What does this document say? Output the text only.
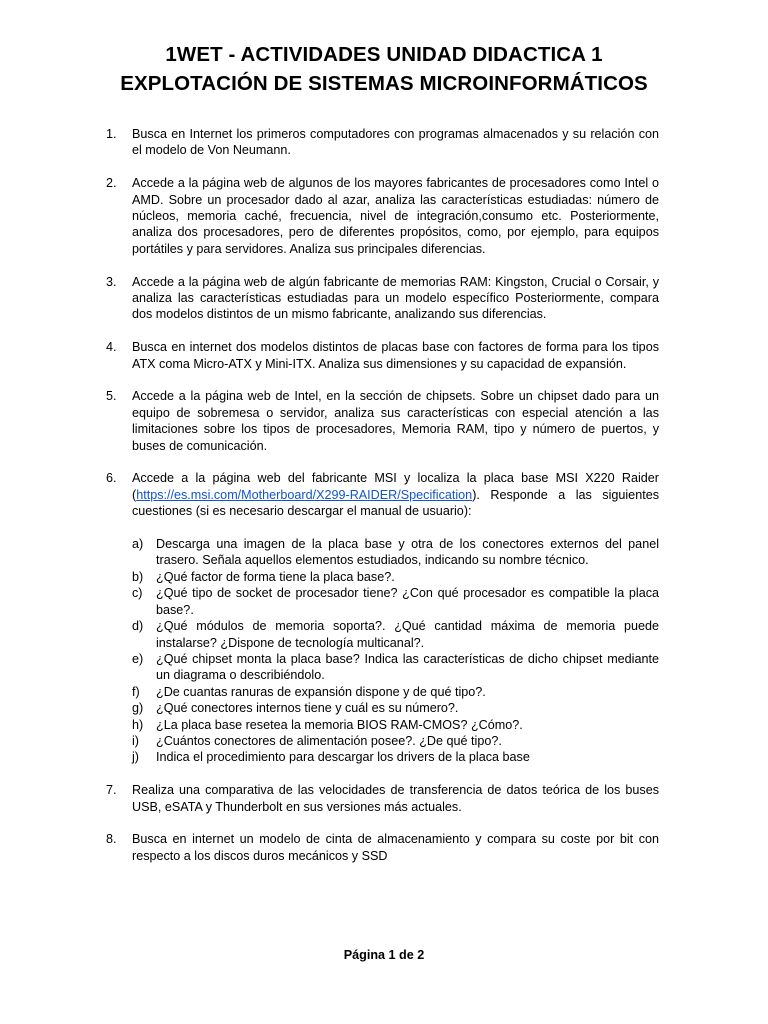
1WET - ACTIVIDADES UNIDAD DIDACTICA 1
EXPLOTACIÓN DE SISTEMAS MICROINFORMÁTICOS
1. Busca en Internet los primeros computadores con programas almacenados y su relación con el modelo de Von Neumann.
2. Accede a la página web de algunos de los mayores fabricantes de procesadores como Intel o AMD. Sobre un procesador dado al azar, analiza las características estudiadas: número de núcleos, memoria caché, frecuencia, nivel de integración,consumo etc. Posteriormente, analiza dos procesadores, pero de diferentes propósitos, como, por ejemplo, para equipos portátiles y para servidores. Analiza sus principales diferencias.
3. Accede a la página web de algún fabricante de memorias RAM: Kingston, Crucial o Corsair, y analiza las características estudiadas para un modelo específico Posteriormente, compara dos modelos distintos de un mismo fabricante, analizando sus diferencias.
4. Busca en internet dos modelos distintos de placas base con factores de forma para los tipos ATX coma Micro-ATX y Mini-ITX. Analiza sus dimensiones y su capacidad de expansión.
5. Accede a la página web de Intel, en la sección de chipsets. Sobre un chipset dado para un equipo de sobremesa o servidor, analiza sus características con especial atención a las limitaciones sobre los tipos de procesadores, Memoria RAM, tipo y número de puertos, y buses de comunicación.
6. Accede a la página web del fabricante MSI y localiza la placa base MSI X220 Raider (https://es.msi.com/Motherboard/X299-RAIDER/Specification). Responde a las siguientes cuestiones (si es necesario descargar el manual de usuario):
a) Descarga una imagen de la placa base y otra de los conectores externos del panel trasero. Señala aquellos elementos estudiados, indicando su nombre técnico.
b) ¿Qué factor de forma tiene la placa base?.
c) ¿Qué tipo de socket de procesador tiene? ¿Con qué procesador es compatible la placa base?.
d) ¿Qué módulos de memoria soporta?. ¿Qué cantidad máxima de memoria puede instalarse? ¿Dispone de tecnología multicanal?.
e) ¿Qué chipset monta la placa base? Indica las características de dicho chipset mediante un diagrama o describiéndolo.
f) ¿De cuantas ranuras de expansión dispone y de qué tipo?.
g) ¿Qué conectores internos tiene y cuál es su número?.
h) ¿La placa base resetea la memoria BIOS RAM-CMOS? ¿Cómo?.
i) ¿Cuántos conectores de alimentación posee?. ¿De qué tipo?.
j) Indica el procedimiento para descargar los drivers de la placa base
7. Realiza una comparativa de las velocidades de transferencia de datos teórica de los buses USB, eSATA y Thunderbolt en sus versiones más actuales.
8. Busca en internet un modelo de cinta de almacenamiento y compara su coste por bit con respecto a los discos duros mecánicos y SSD
Página 1 de 2
